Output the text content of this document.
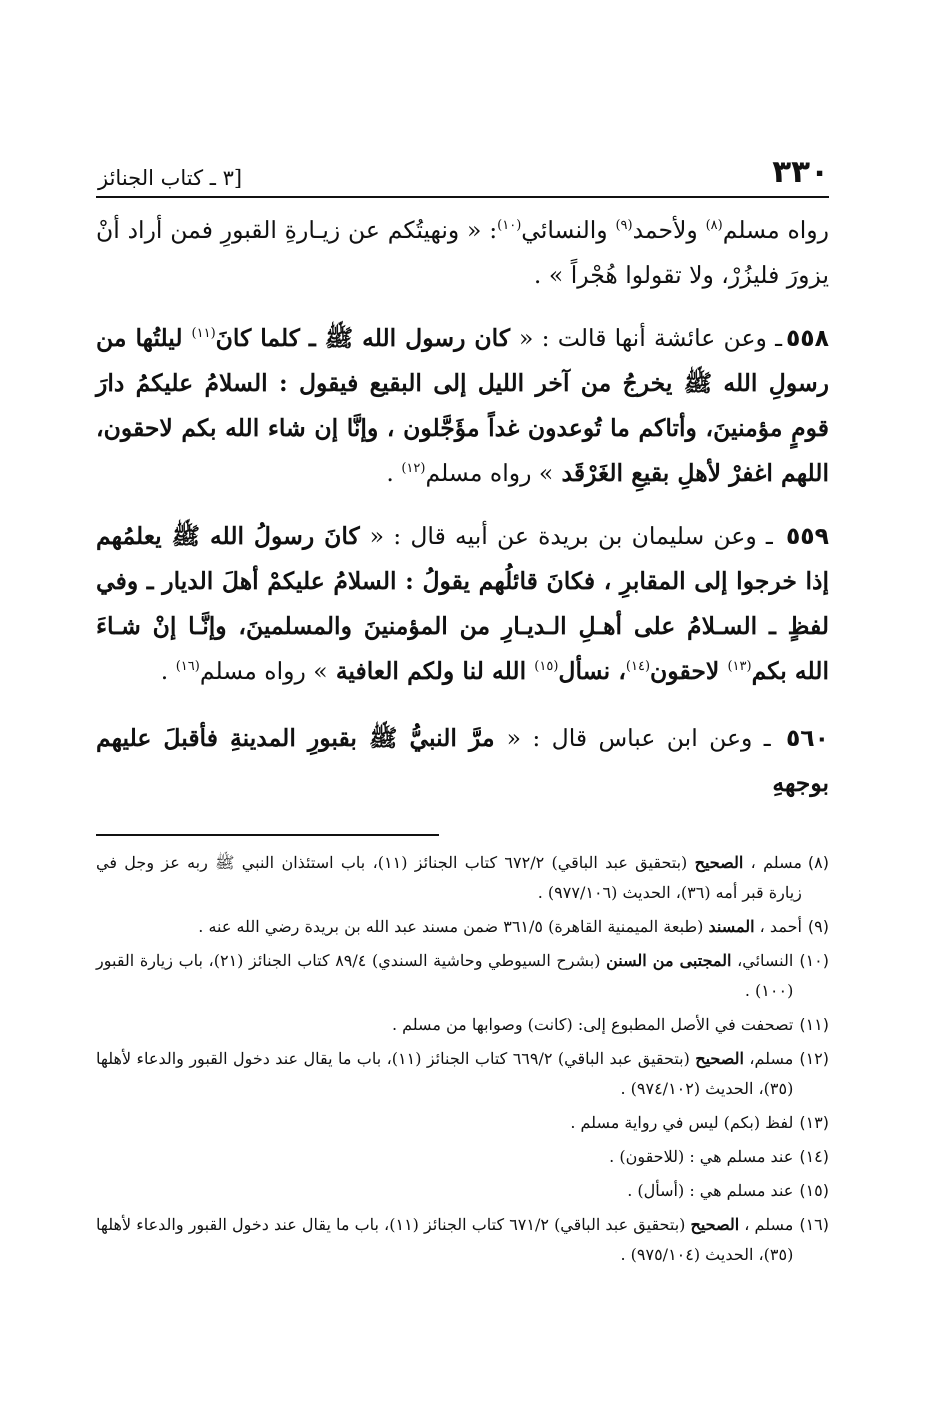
٣٣٠
[٣ ـ كتاب الجنائز

رواه مسلم$^{(٨)}$ ولأحمد$^{(٩)}$ والنسائي$^{(١٠)}$: « ونهيتُكم عن زيـارةِ القبورِ فمن أراد أنْ يزورَ فليزُرْ، ولا تقولوا هُجْراً » .

٥٥٨ـ وعن عائشة أنها قالت : « كان رسول الله ﷺ ـ كلما كانَ$^{(١١)}$ ليلتُها من رسولِ الله ﷺ يخرجُ من آخر الليل إلى البقيع فيقول : السلامُ عليكمُ دارَ قومٍ مؤمنينَ، وأتاكم ما تُوعدون غداً مؤَجَّلون ، وإنَّا إن شاء الله بكم لاحقون، اللهم اغفرْ لأهلِ بقيعِ الغَرْقَد » رواه مسلم$^{(١٢)}$ .

٥٥٩ ـ وعن سليمان بن بريدة عن أبيه قال : « كانَ رسولُ الله ﷺ يعلمُهم إذا خرجوا إلى المقابرِ ، فكانَ قائلُهم يقولُ : السلامُ عليكمْ أهلَ الديار ـ وفي لفظٍ ـ السـلامُ على أهـلِ الـديـارِ من المؤمنينَ والمسلمينَ، وإنَّـا إنْ شـاءَ الله بكم$^{(١٣)}$ لاحقون$^{(١٤)}$، نسأل$^{(١٥)}$ الله لنا ولكم العافية » رواه مسلم$^{(١٦)}$ .

٥٦٠ ـ وعن ابن عباس قال : « مرَّ النبيُّ ﷺ بقبورِ المدينةِ فأقبلَ عليهم بوجههِ

(٨)
مسلم ، الصحيح (بتحقيق عبد الباقي) ٦٧٢/٢ كتاب الجنائز (١١)، باب استئذان النبي ﷺ ربه عز وجل في زيارة قبر أمه (٣٦)، الحديث (٩٧٧/١٠٦) .
(٩)
أحمد ، المسند (طبعة الميمنية القاهرة) ٣٦١/٥ ضمن مسند عبد الله بن بريدة رضي الله عنه .
(١٠)
النسائي، المجتبى من السنن (بشرح السيوطي وحاشية السندي) ٨٩/٤ كتاب الجنائز (٢١)، باب زيارة القبور (١٠٠) .
(١١)
تصحفت في الأصل المطبوع إلى: (كانت) وصوابها من مسلم .
(١٢)
مسلم، الصحيح (بتحقيق عبد الباقي) ٦٦٩/٢ كتاب الجنائز (١١)، باب ما يقال عند دخول القبور والدعاء لأهلها (٣٥)، الحديث (٩٧٤/١٠٢) .
(١٣)
لفظ (بكم) ليس في رواية مسلم .
(١٤)
عند مسلم هي : (للاحقون) .
(١٥)
عند مسلم هي : (أسأل) .
(١٦)
مسلم ، الصحيح (بتحقيق عبد الباقي) ٦٧١/٢ كتاب الجنائز (١١)، باب ما يقال عند دخول القبور والدعاء لأهلها (٣٥)، الحديث (٩٧٥/١٠٤) .
